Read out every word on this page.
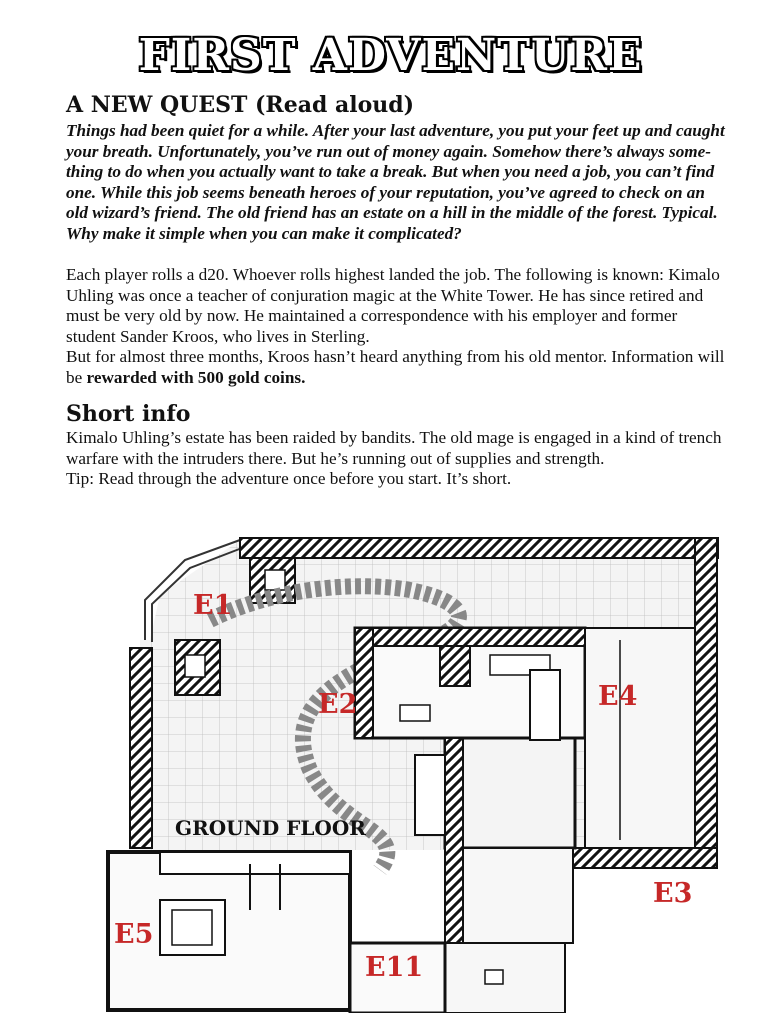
FIRST ADVENTURE
A NEW QUEST (Read aloud)

Things had been quiet for a while. After your last adventure, you put your feet up and caught your breath. Unfortunately, you’ve run out of money again. Somehow there’s always some-thing to do when you actually want to take a break. But when you need a job, you can’t find one. While this job seems beneath heroes of your reputation, you’ve agreed to check on an old wizard’s friend. The old friend has an estate on a hill in the middle of the forest. Typical. Why make it simple when you can make it complicated?

Each player rolls a d20. Whoever rolls highest landed the job. The following is known: Kimalo Uhling was once a teacher of conjuration magic at the White Tower. He has since retired and must be very old by now. He maintained a correspondence with his employer and former student Sander Kroos, who lives in Sterling.

But for almost three months, Kroos hasn’t heard anything from his old mentor. Information will be rewarded with 500 gold coins.

Short info

Kimalo Uhling’s estate has been raided by bandits. The old mage is engaged in a kind of trench warfare with the intruders there. But he’s running out of supplies and strength.

Tip: Read through the adventure once before you start. It’s short.

E1
E2
E3
E4
E5
E11
GROUND FLOOR
